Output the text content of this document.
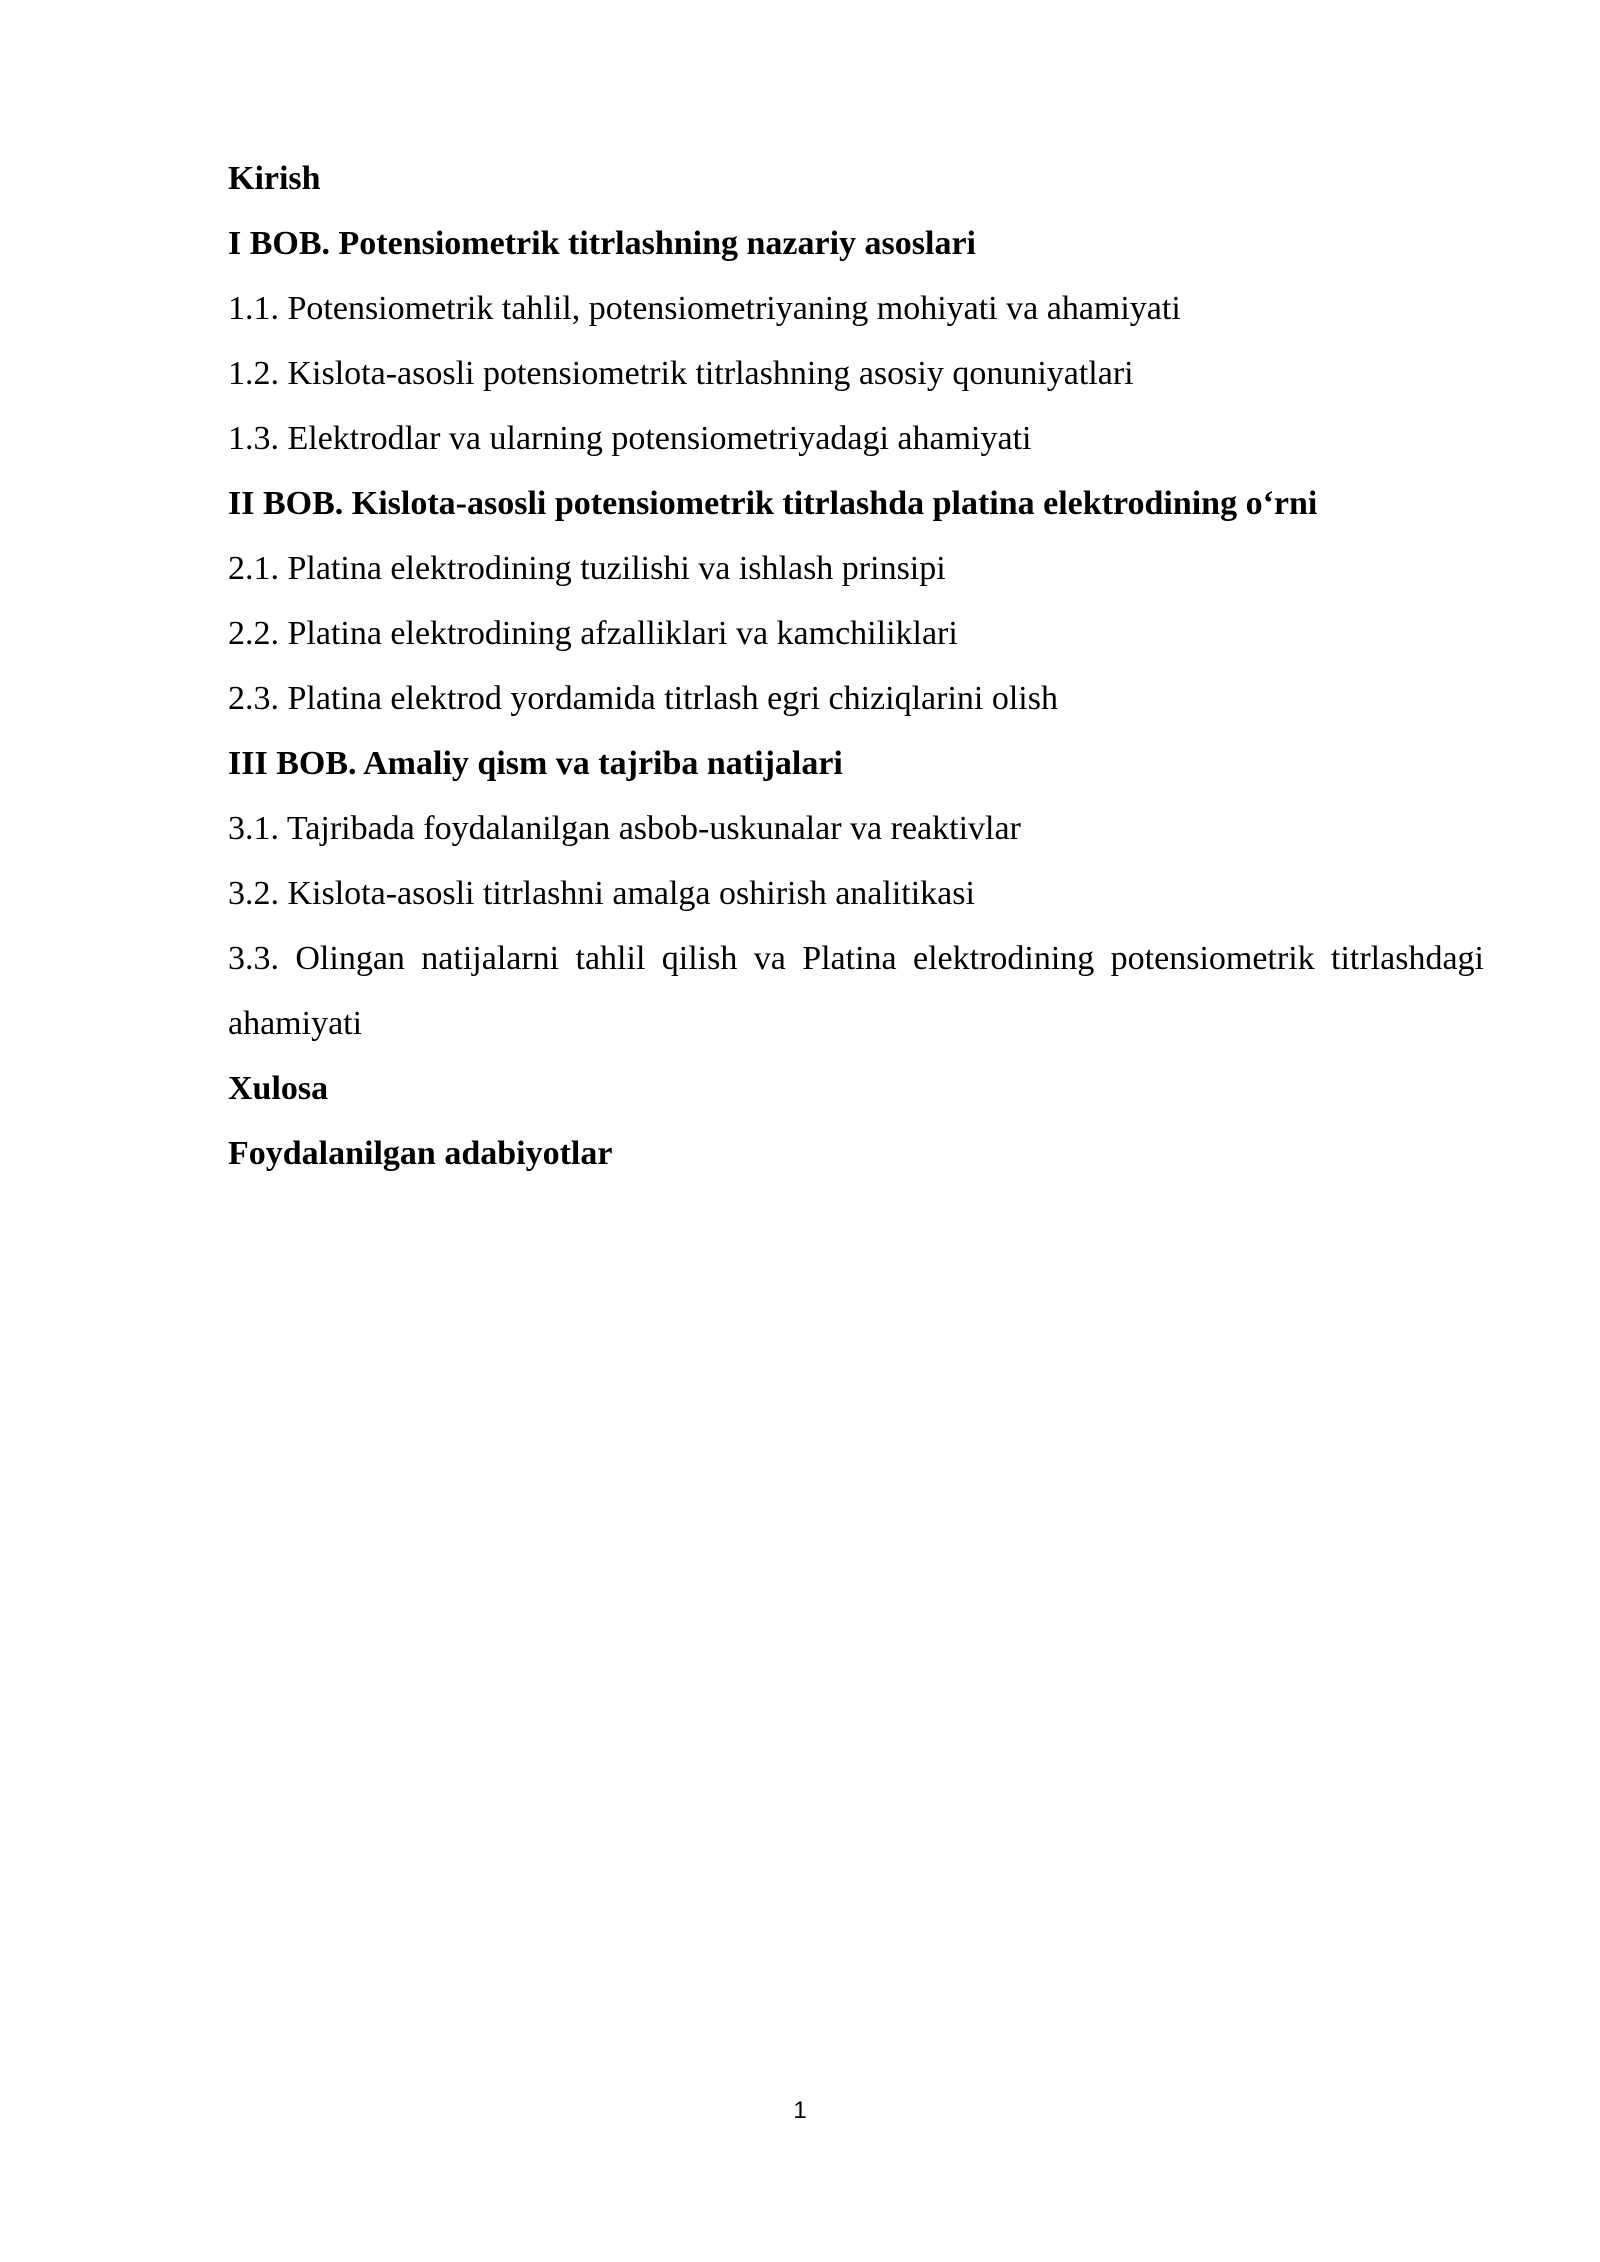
Kirish
I BOB. Potensiometrik titrlashning nazariy asoslari
1.1. Potensiometrik tahlil, potensiometriyaning mohiyati va ahamiyati
1.2. Kislota-asosli potensiometrik titrlashning asosiy qonuniyatlari
1.3. Elektrodlar va ularning potensiometriyadagi ahamiyati
II BOB. Kislota-asosli potensiometrik titrlashda platina elektrodining o‘rni
2.1. Platina elektrodining tuzilishi va ishlash prinsipi
2.2. Platina elektrodining afzalliklari va kamchiliklari
2.3. Platina elektrod yordamida titrlash egri chiziqlarini olish
III BOB. Amaliy qism va tajriba natijalari
3.1. Tajribada foydalanilgan asbob-uskunalar va reaktivlar
3.2. Kislota-asosli titrlashni amalga oshirish analitikasi
3.3. Olingan natijalarni tahlil qilish va Platina elektrodining potensiometrik titrlashdagi ahamiyati
Xulosa
Foydalanilgan adabiyotlar
1
